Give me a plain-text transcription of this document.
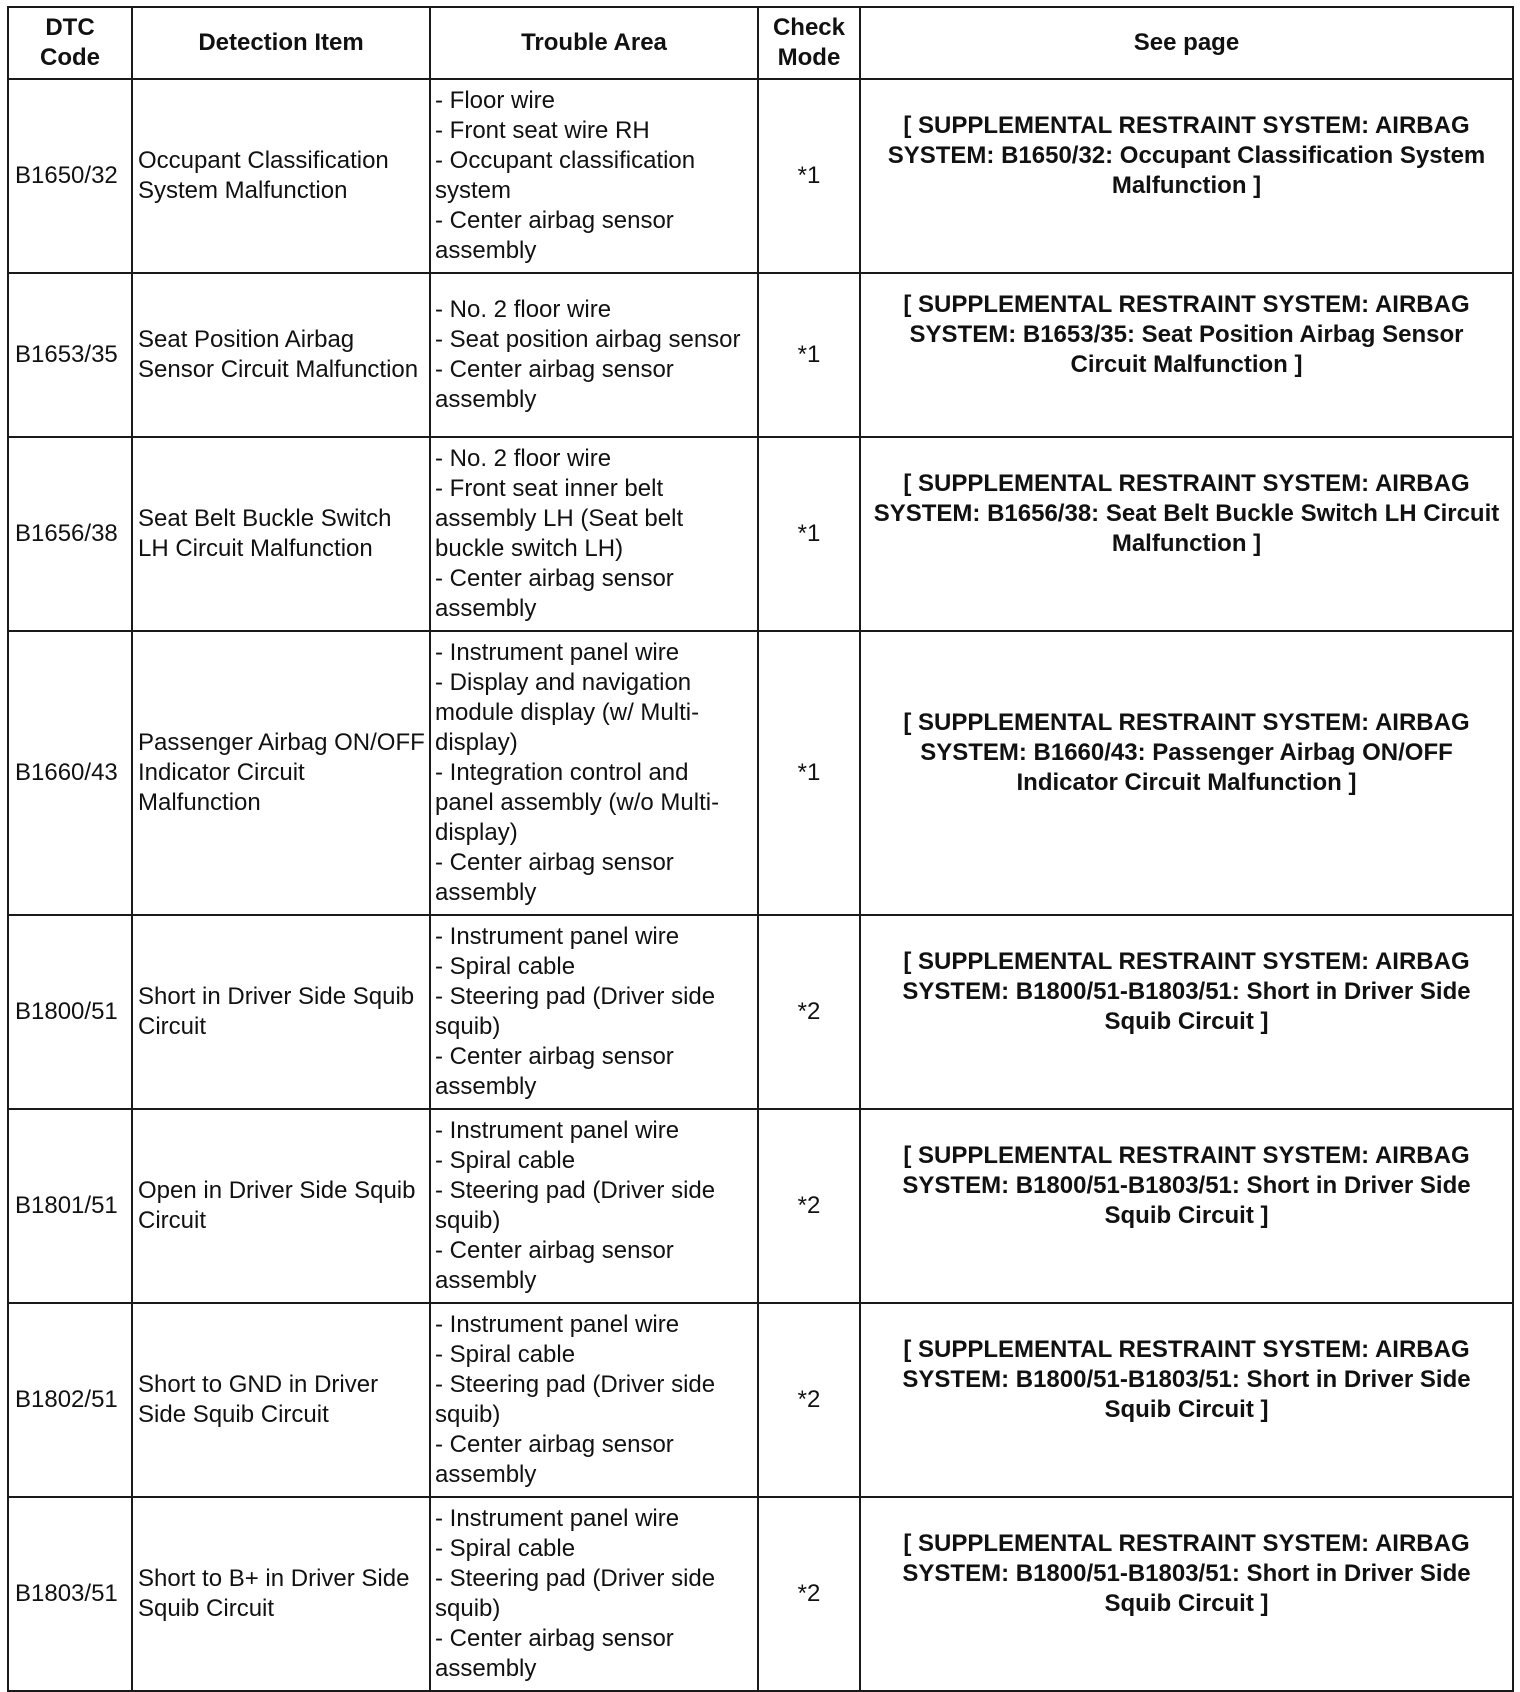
DTC Code	Detection Item	Trouble Area	Check Mode	See page
B1650/32	Occupant Classification System Malfunction	- Floor wire
- Front seat wire RH
- Occupant classification system
- Center airbag sensor assembly	*1	[ SUPPLEMENTAL RESTRAINT SYSTEM: AIRBAG SYSTEM: B1650/32: Occupant Classification System Malfunction ]

B1653/35	Seat Position Airbag Sensor Circuit Malfunction	- No. 2 floor wire
- Seat position airbag sensor
- Center airbag sensor assembly	*1	[ SUPPLEMENTAL RESTRAINT SYSTEM: AIRBAG SYSTEM: B1653/35: Seat Position Airbag Sensor Circuit Malfunction ]

B1656/38	Seat Belt Buckle Switch LH Circuit Malfunction	- No. 2 floor wire
- Front seat inner belt assembly LH (Seat belt buckle switch LH)
- Center airbag sensor assembly	*1	[ SUPPLEMENTAL RESTRAINT SYSTEM: AIRBAG SYSTEM: B1656/38: Seat Belt Buckle Switch LH Circuit Malfunction ]

B1660/43	Passenger Airbag ON/OFF Indicator Circuit Malfunction	- Instrument panel wire
- Display and navigation module display (w/ Multi-display)
- Integration control and panel assembly (w/o Multi-display)
- Center airbag sensor assembly	*1	[ SUPPLEMENTAL RESTRAINT SYSTEM: AIRBAG SYSTEM: B1660/43: Passenger Airbag ON/OFF Indicator Circuit Malfunction ]

B1800/51	Short in Driver Side Squib Circuit	- Instrument panel wire
- Spiral cable
- Steering pad (Driver side squib)
- Center airbag sensor assembly	*2	[ SUPPLEMENTAL RESTRAINT SYSTEM: AIRBAG SYSTEM: B1800/51-B1803/51: Short in Driver Side Squib Circuit ]

B1801/51	Open in Driver Side Squib Circuit	- Instrument panel wire
- Spiral cable
- Steering pad (Driver side squib)
- Center airbag sensor assembly	*2	[ SUPPLEMENTAL RESTRAINT SYSTEM: AIRBAG SYSTEM: B1800/51-B1803/51: Short in Driver Side Squib Circuit ]

B1802/51	Short to GND in Driver Side Squib Circuit	- Instrument panel wire
- Spiral cable
- Steering pad (Driver side squib)
- Center airbag sensor assembly	*2	[ SUPPLEMENTAL RESTRAINT SYSTEM: AIRBAG SYSTEM: B1800/51-B1803/51: Short in Driver Side Squib Circuit ]

B1803/51	Short to B+ in Driver Side Squib Circuit	- Instrument panel wire
- Spiral cable
- Steering pad (Driver side squib)
- Center airbag sensor assembly	*2	[ SUPPLEMENTAL RESTRAINT SYSTEM: AIRBAG SYSTEM: B1800/51-B1803/51: Short in Driver Side Squib Circuit ]
